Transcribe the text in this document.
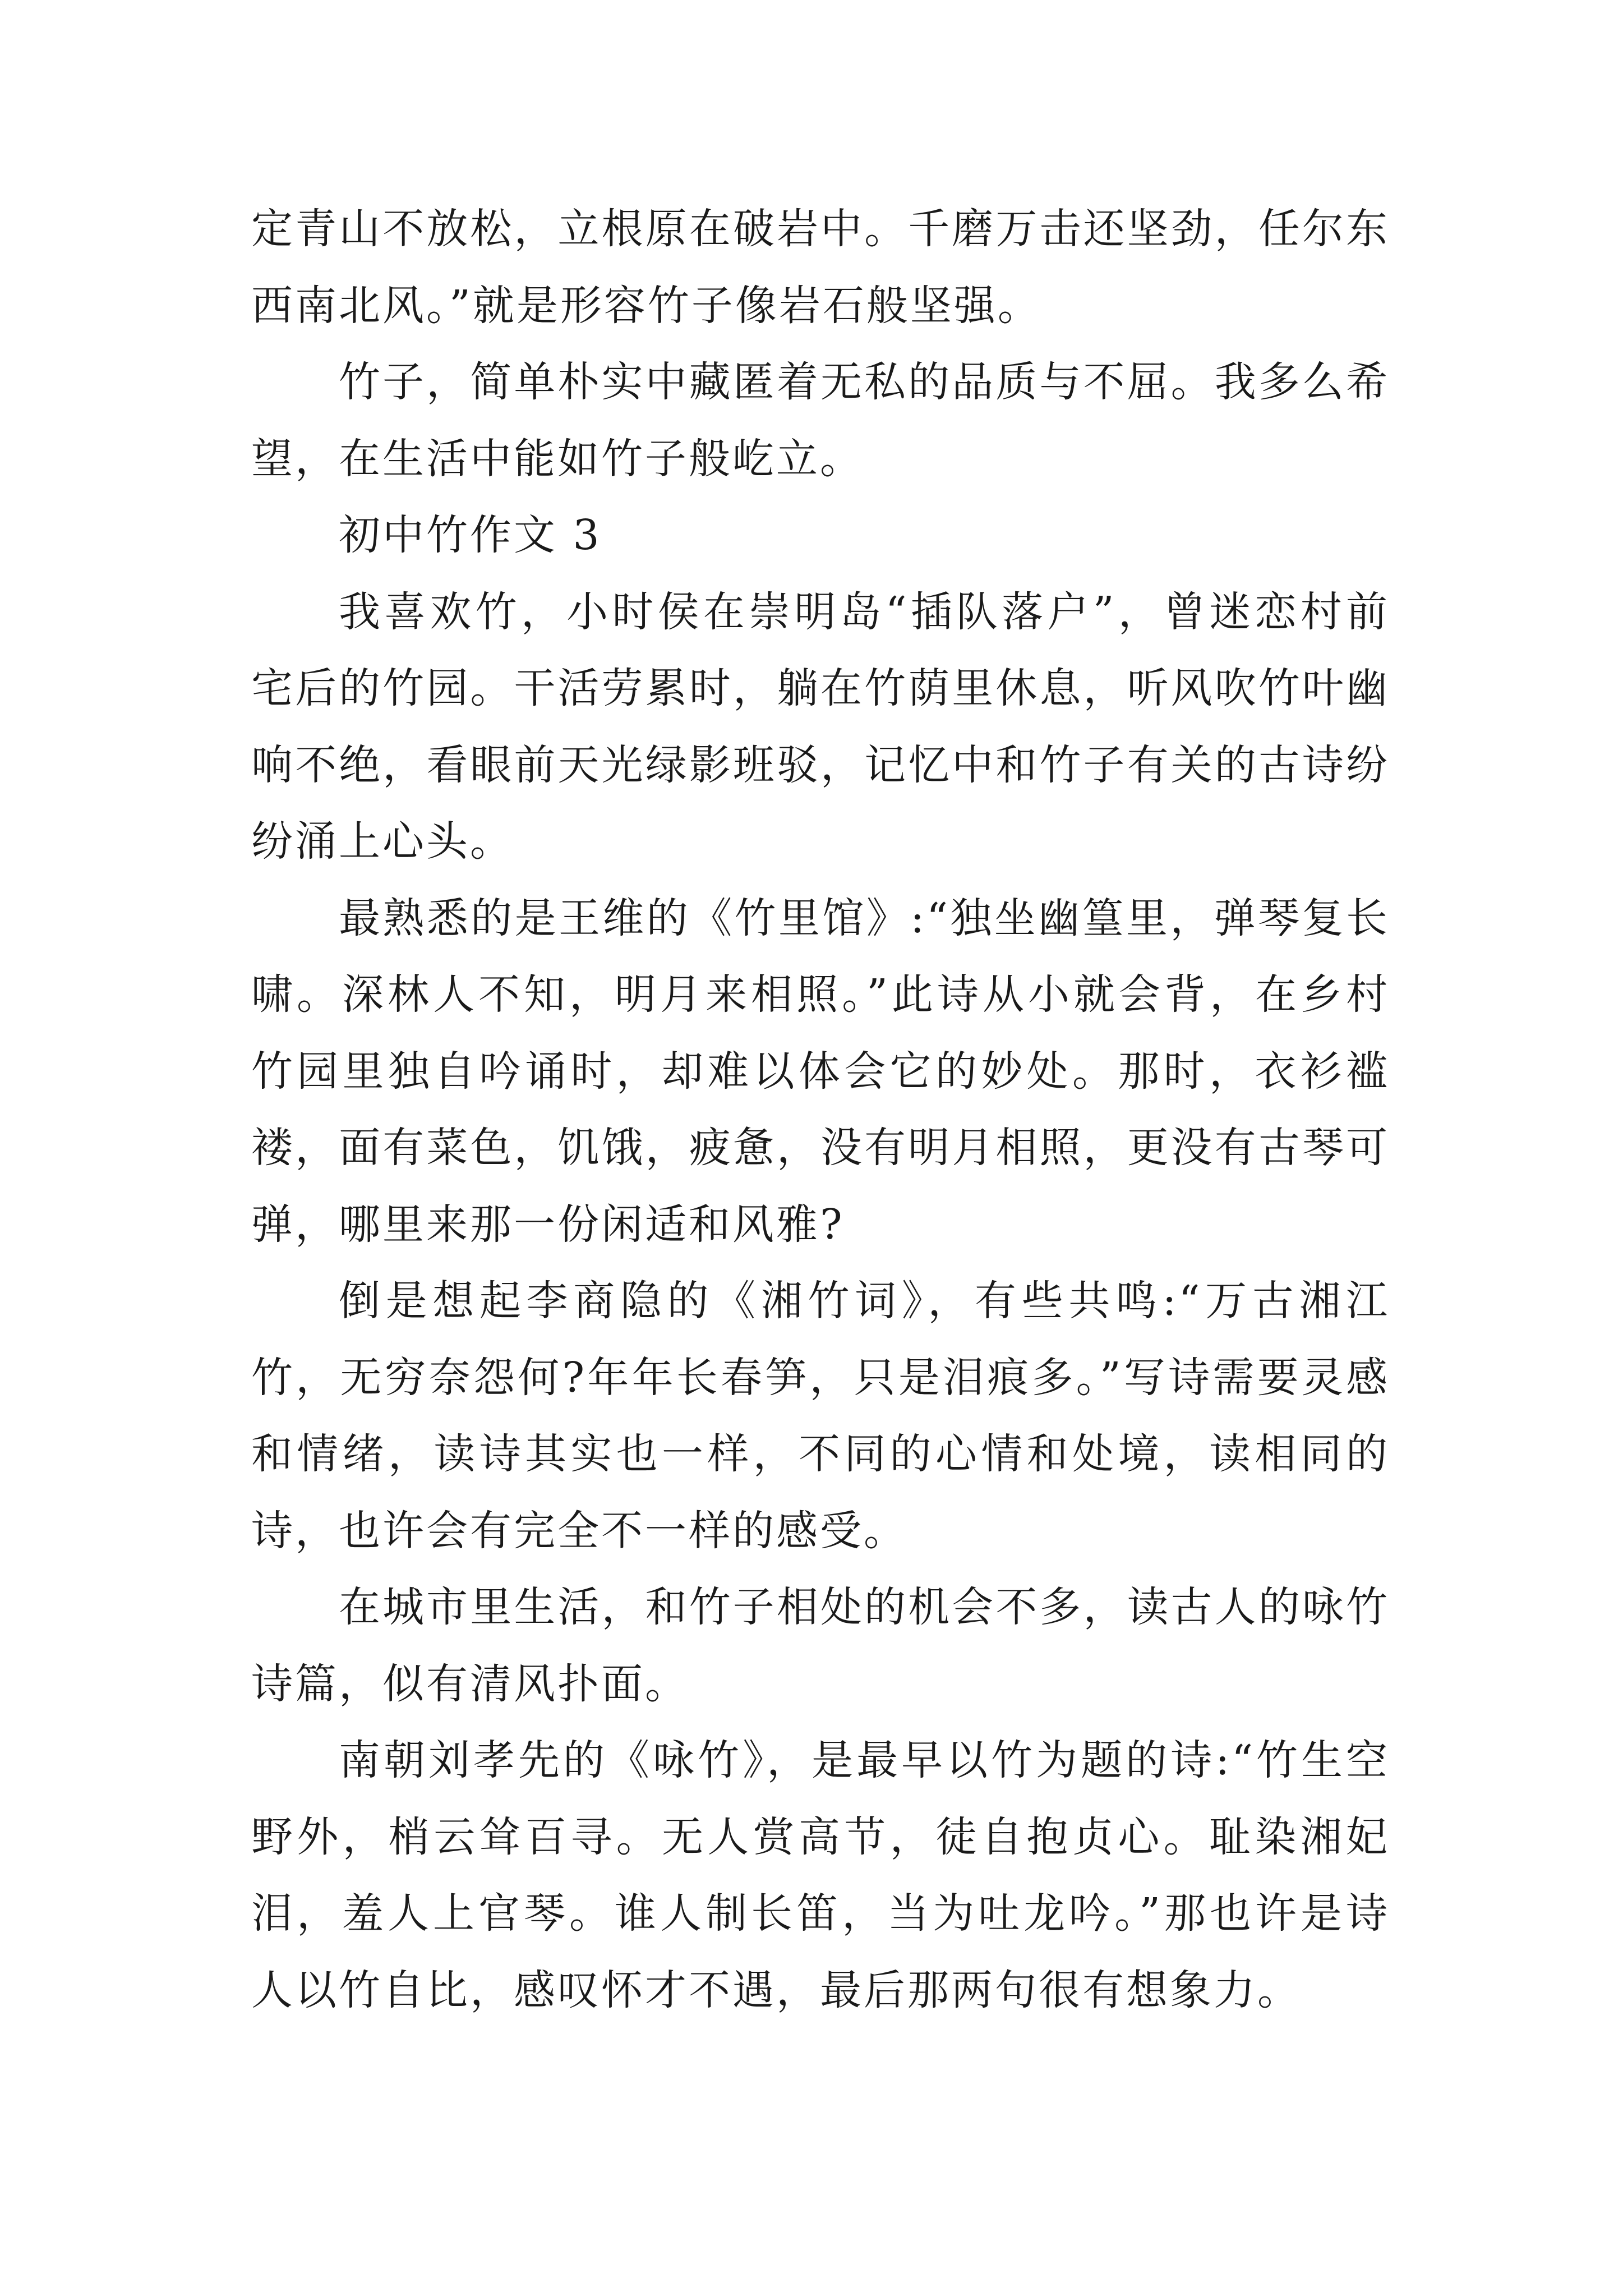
定青山不放松，立根原在破岩中。千磨万击还坚劲，任尔东西南北风。”就是形容竹子像岩石般坚强。

竹子，简单朴实中藏匿着无私的品质与不屈。我多么希望，在生活中能如竹子般屹立。

初中竹作文 3

我喜欢竹，小时侯在崇明岛“插队落户”，曾迷恋村前宅后的竹园。干活劳累时，躺在竹荫里休息，听风吹竹叶幽响不绝，看眼前天光绿影班驳，记忆中和竹子有关的古诗纷纷涌上心头。

最熟悉的是王维的《竹里馆》:“独坐幽篁里，弹琴复长啸。深林人不知，明月来相照。”此诗从小就会背，在乡村竹园里独自吟诵时，却难以体会它的妙处。那时，衣衫褴褛，面有菜色，饥饿，疲惫，没有明月相照，更没有古琴可弹，哪里来那一份闲适和风雅?

倒是想起李商隐的《湘竹词》，有些共鸣:“万古湘江竹，无穷奈怨何?年年长春笋，只是泪痕多。”写诗需要灵感和情绪，读诗其实也一样，不同的心情和处境，读相同的诗，也许会有完全不一样的感受。

在城市里生活，和竹子相处的机会不多，读古人的咏竹诗篇，似有清风扑面。

南朝刘孝先的《咏竹》，是最早以竹为题的诗:“竹生空野外，梢云耸百寻。无人赏高节，徒自抱贞心。耻染湘妃泪，羞人上官琴。谁人制长笛，当为吐龙吟。”那也许是诗人以竹自比，感叹怀才不遇，最后那两句很有想象力。
